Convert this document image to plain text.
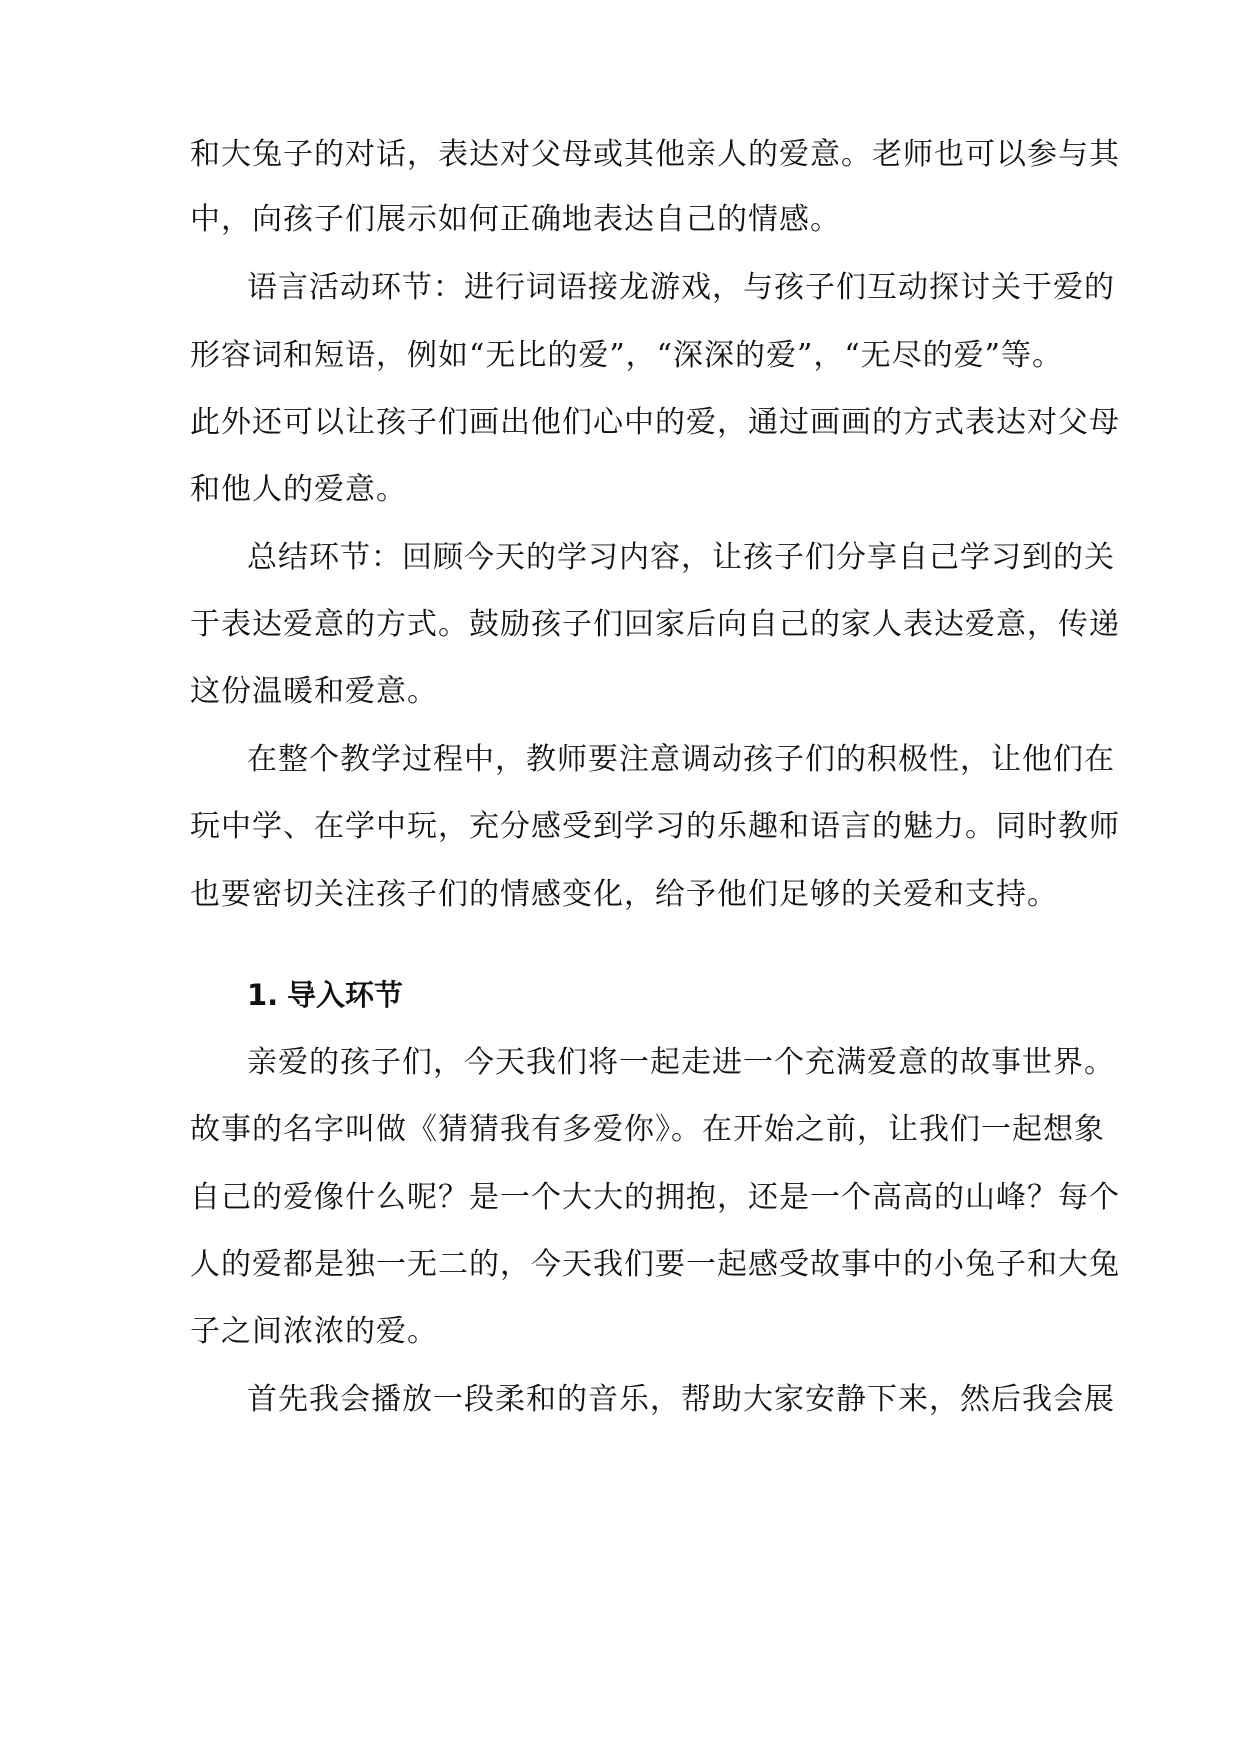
和大兔子的对话，表达对父母或其他亲人的爱意。老师也可以参与其
中，向孩子们展示如何正确地表达自己的情感。
语言活动环节：进行词语接龙游戏，与孩子们互动探讨关于爱的
形容词和短语，例如“无比的爱”，“深深的爱”，“无尽的爱”等。
此外还可以让孩子们画出他们心中的爱，通过画画的方式表达对父母
和他人的爱意。
总结环节：回顾今天的学习内容，让孩子们分享自己学习到的关
于表达爱意的方式。鼓励孩子们回家后向自己的家人表达爱意，传递
这份温暖和爱意。
在整个教学过程中，教师要注意调动孩子们的积极性，让他们在
玩中学、在学中玩，充分感受到学习的乐趣和语言的魅力。同时教师
也要密切关注孩子们的情感变化，给予他们足够的关爱和支持。
1. 导入环节
亲爱的孩子们，今天我们将一起走进一个充满爱意的故事世界。
故事的名字叫做《猜猜我有多爱你》。在开始之前，让我们一起想象
自己的爱像什么呢？是一个大大的拥抱，还是一个高高的山峰？每个
人的爱都是独一无二的，今天我们要一起感受故事中的小兔子和大兔
子之间浓浓的爱。
首先我会播放一段柔和的音乐，帮助大家安静下来，然后我会展
